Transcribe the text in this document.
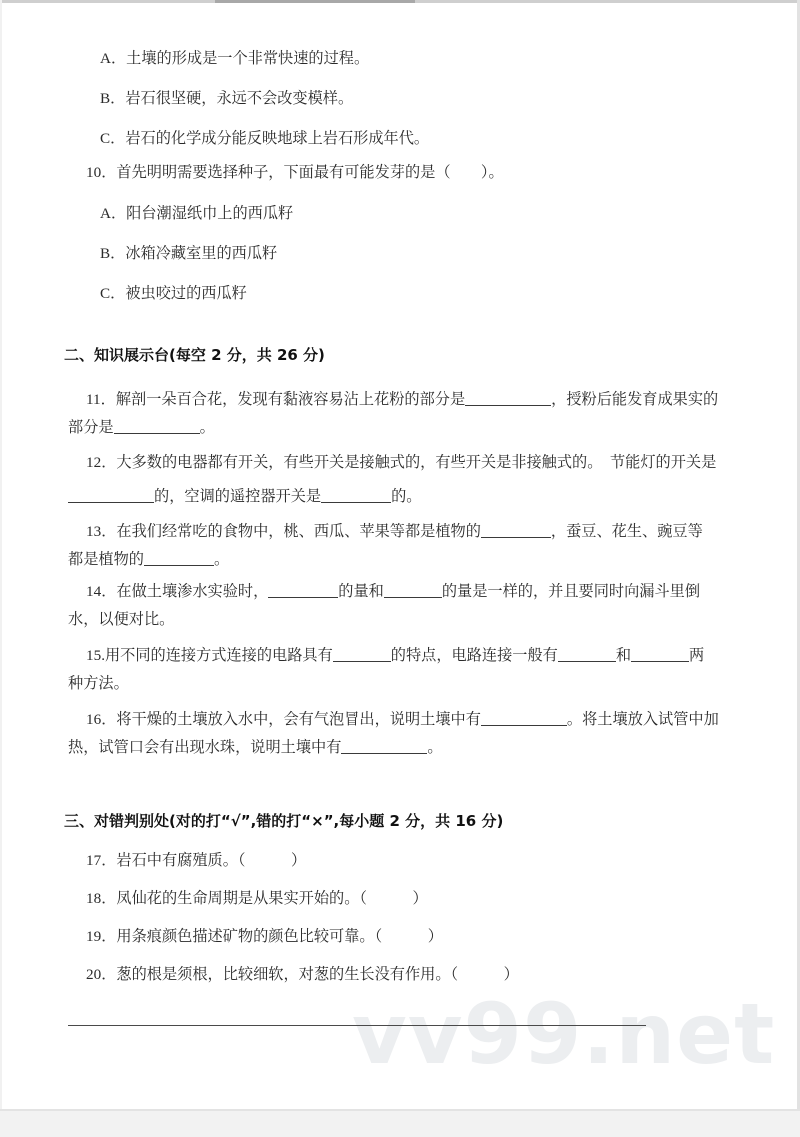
vv99.net
A．土壤的形成是一个非常快速的过程。
B．岩石很坚硬，永远不会改变模样。
C．岩石的化学成分能反映地球上岩石形成年代。
10．首先明明需要选择种子，下面最有可能发芽的是（　　）。
A．阳台潮湿纸巾上的西瓜籽
B．冰箱冷藏室里的西瓜籽
C．被虫咬过的西瓜籽
二、知识展示台(每空 2 分，共 26 分)
11．解剖一朵百合花，发现有黏液容易沾上花粉的部分是	，授粉后能发育成果实的
部分是	。
12．大多数的电器都有开关，有些开关是接触式的，有些开关是非接触式的。　节能灯的开关是
的，空调的遥控器开关是	的。
13．在我们经常吃的食物中，桃、西瓜、苹果等都是植物的	，蚕豆、花生、豌豆等
都是植物的	。
14．在做土壤渗水实验时，	的量和	的量是一样的，并且要同时向漏斗里倒
水，以便对比。
15.用不同的连接方式连接的电路具有	的特点，电路连接一般有	和	两
种方法。
16．将干燥的土壤放入水中，会有气泡冒出，说明土壤中有	。将土壤放入试管中加
热，试管口会有出现水珠，说明土壤中有	。
三、对错判别处(对的打“√”,错的打“×”,每小题 2 分，共 16 分)
17．岩石中有腐殖质。（　　　）
18．凤仙花的生命周期是从果实开始的。（　　　）
19．用条痕颜色描述矿物的颜色比较可靠。（　　　）
20．葱的根是须根，比较细软，对葱的生长没有作用。（　　　）
